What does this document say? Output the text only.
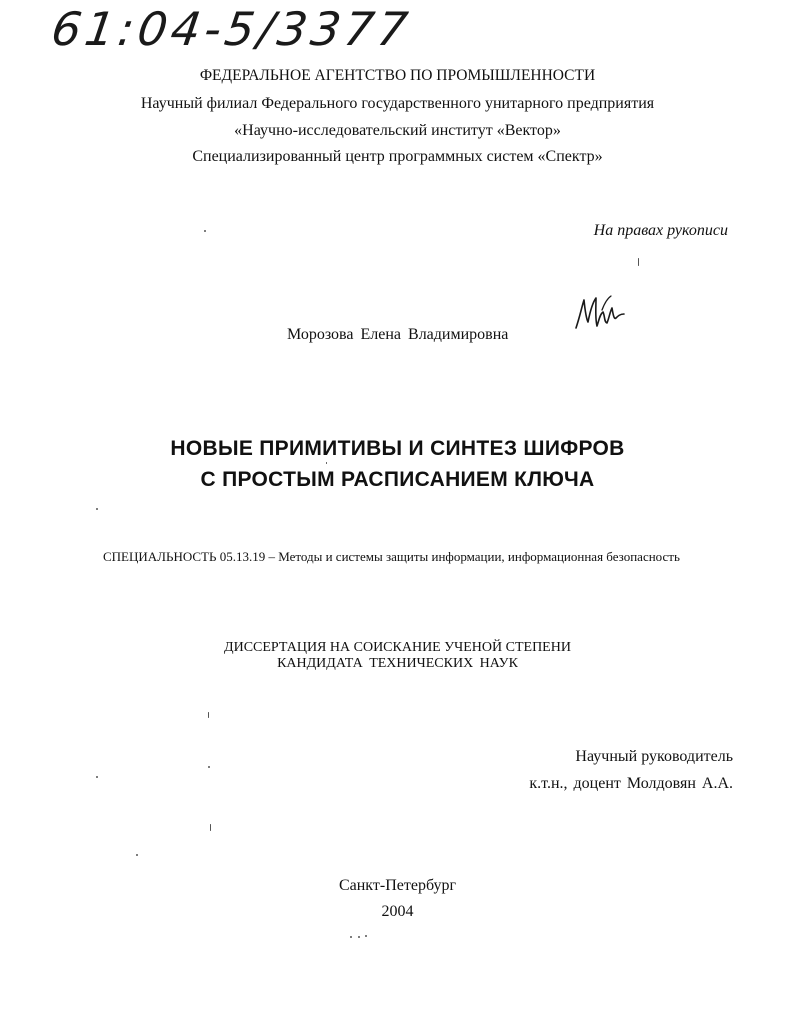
61:04-5/3377
ФЕДЕРАЛЬНОЕ АГЕНТСТВО ПО ПРОМЫШЛЕННОСТИ
Научный филиал Федерального государственного унитарного предприятия
«Научно-исследовательский институт «Вектор»
Специализированный центр программных систем «Спектр»
На правах рукописи
Морозова Елена Владимировна
НОВЫЕ ПРИМИТИВЫ И СИНТЕЗ ШИФРОВ
С ПРОСТЫМ РАСПИСАНИЕМ КЛЮЧА
СПЕЦИАЛЬНОСТЬ 05.13.19 – Методы и системы защиты информации, информационная безопасность
ДИССЕРТАЦИЯ НА СОИСКАНИЕ УЧЕНОЙ СТЕПЕНИ
КАНДИДАТА ТЕХНИЧЕСКИХ НАУК
Научный руководитель
к.т.н., доцент Молдовян А.А.
Санкт-Петербург
2004
